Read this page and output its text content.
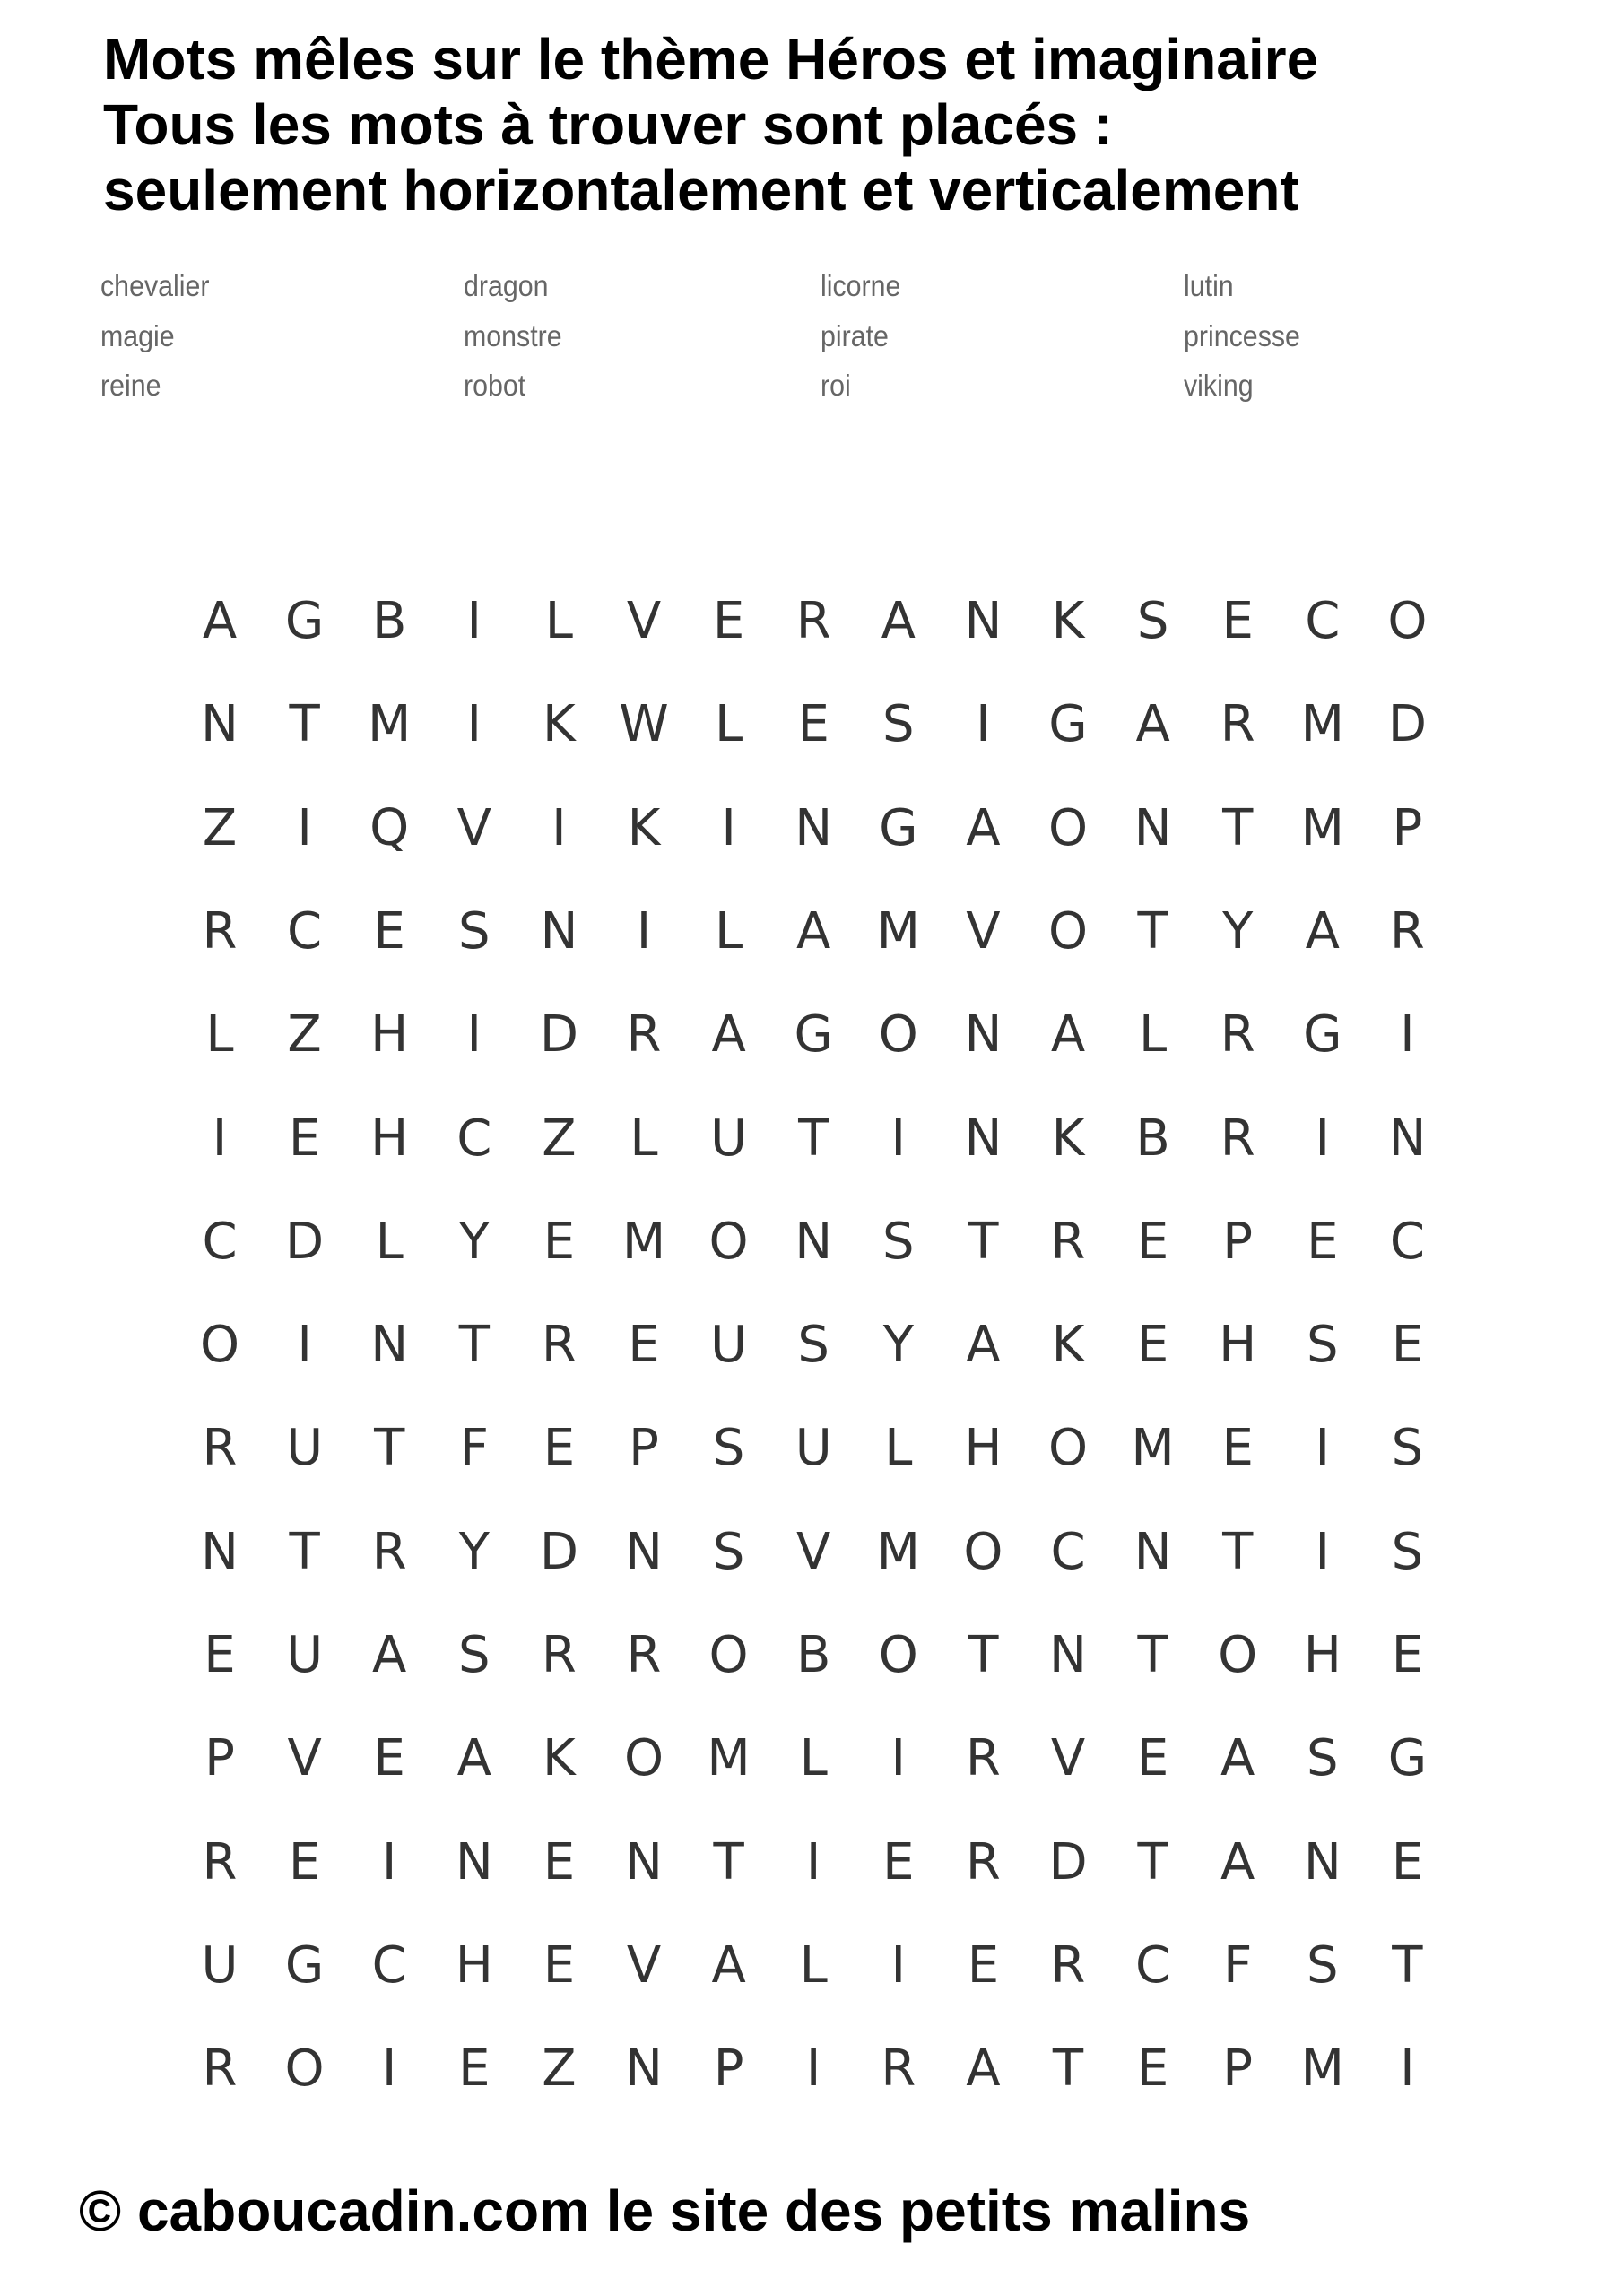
Mots mêles sur le thème Héros et imaginaire
Tous les mots à trouver sont placés :
seulement horizontalement et verticalement
chevalier	dragon	licorne	lutin
magie	monstre	pirate	princesse
reine	robot	roi	viking
A G B	I	L V E R A N K S E C O
N T M	I	K W L E S	I	G A R M D
Z	I	Q V	I	K	I	N G A O N T M P
R C E S N	I	L A M V O T Y A R
L Z H	I	D R A G O N A L R G	I
I	E H C Z L U T	I	N K B R	I	N
C D L Y E M O N S T R E P E C
O	I	N T R E U S Y A K E H S E
R U T F E P S U L H O M E	I	S
N T R Y D N S V M O C N T	I	S
E U A S R R O B O T N T O H E
P V E A K O M L	I	R V E A S G
R E	I	N E N T	I	E R D T A N E
U G C H E V A L	I	E R C F S T
R O	I	E Z N P	I	R A T E P M	I
© caboucadin.com le site des petits malins
